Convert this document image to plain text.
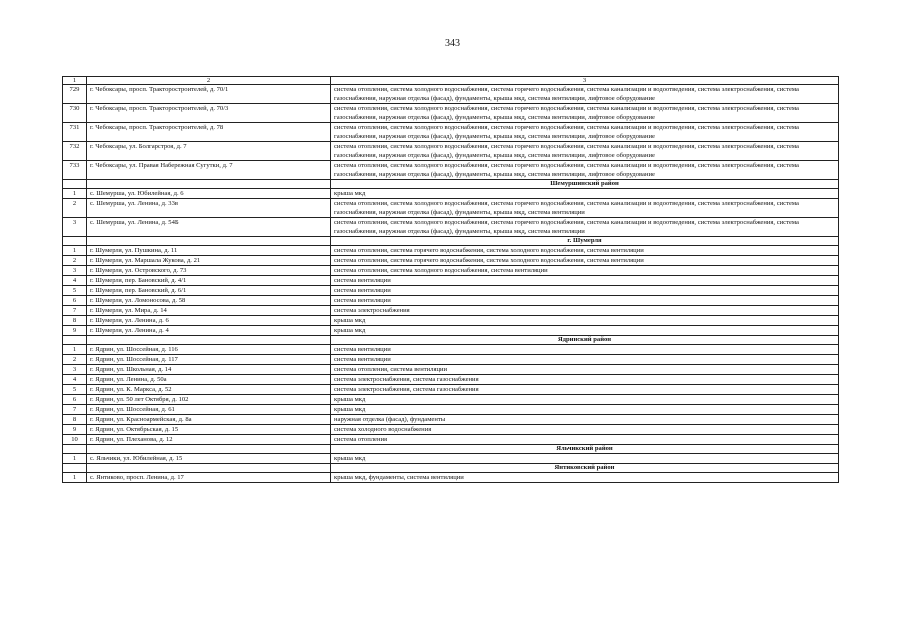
343
1	2	3
729	г. Чебоксары, просп. Тракторостроителей, д. 70/1	система отопления, система холодного водоснабжения, система горячего водоснабжения, система канализации и водоотведения, система электроснабжения, система газоснабжения, наружная отделка (фасад), фундаменты, крыша мкд, система вентиляции, лифтовое оборудование
730	г. Чебоксары, просп. Тракторостроителей, д. 70/3	система отопления, система холодного водоснабжения, система горячего водоснабжения, система канализации и водоотведения, система электроснабжения, система газоснабжения, наружная отделка (фасад), фундаменты, крыша мкд, система вентиляции, лифтовое оборудование
731	г. Чебоксары, просп. Тракторостроителей, д. 78	система отопления, система холодного водоснабжения, система горячего водоснабжения, система канализации и водоотведения, система электроснабжения, система газоснабжения, наружная отделка (фасад), фундаменты, крыша мкд, система вентиляции, лифтовое оборудование
732	г. Чебоксары, ул. Болгарстроя, д. 7	система отопления, система холодного водоснабжения, система горячего водоснабжения, система канализации и водоотведения, система электроснабжения, система газоснабжения, наружная отделка (фасад), фундаменты, крыша мкд, система вентиляции, лифтовое оборудование
733	г. Чебоксары, ул. Правая Набережная Сугутки, д. 7	система отопления, система холодного водоснабжения, система горячего водоснабжения, система канализации и водоотведения, система электроснабжения, система газоснабжения, наружная отделка (фасад), фундаменты, крыша мкд, система вентиляции, лифтовое оборудование
		Шемуршинский район
1	с. Шемурша, ул. Юбилейная, д. 6	крыша мкд
2	с. Шемурша, ул. Ленина, д. 33в	система отопления, система холодного водоснабжения, система горячего водоснабжения, система канализации и водоотведения, система электроснабжения, система газоснабжения, наружная отделка (фасад), фундаменты, крыша мкд, система вентиляции
3	с. Шемурша, ул. Ленина, д. 54Б	система отопления, система холодного водоснабжения, система горячего водоснабжения, система канализации и водоотведения, система электроснабжения, система газоснабжения, наружная отделка (фасад), фундаменты, крыша мкд, система вентиляции
		г. Шумерля
1	г. Шумерля, ул. Пушкина, д. 11	система отопления, система горячего водоснабжения, система холодного водоснабжения, система вентиляции
2	г. Шумерля, ул. Маршала Жукова, д. 21	система отопления, система горячего водоснабжения, система холодного водоснабжения, система вентиляции
3	г. Шумерля, ул. Островского, д. 73	система отопления, система холодного водоснабжения, система вентиляции
4	г. Шумерля, пер. Бановский, д. 4/1	система вентиляции
5	г. Шумерля, пер. Бановский, д. 6/1	система вентиляции
6	г. Шумерля, ул. Ломоносова, д. 58	система вентиляции
7	г. Шумерля, ул. Мира, д. 14	система электроснабжения
8	г. Шумерля, ул. Ленина, д. 6	крыша мкд
9	г. Шумерля, ул. Ленина, д. 4	крыша мкд
		Ядринский район
1	г. Ядрин, ул. Шоссейная, д. 116	система вентиляции
2	г. Ядрин, ул. Шоссейная, д. 117	система вентиляции
3	г. Ядрин, ул. Школьная, д. 14	система отопления, система вентиляции
4	г. Ядрин, ул. Ленина, д. 50а	система электроснабжения, система газоснабжения
5	г. Ядрин, ул. К. Маркса, д. 52	система электроснабжения, система газоснабжения
6	г. Ядрин, ул. 50 лет Октября, д. 102	крыша мкд
7	г. Ядрин, ул. Шоссейная, д. 61	крыша мкд
8	г. Ядрин, ул. Красноармейская, д. 8а	наружная отделка (фасад), фундаменты
9	г. Ядрин, ул. Октябрьская, д. 15	система холодного водоснабжения
10	г. Ядрин, ул. Плеханова, д. 12	система отопления
		Яльчикский район
1	с. Яльчики, ул. Юбилейная, д. 15	крыша мкд
		Янтиковский район
1	с. Янтиково, просп. Ленина, д. 17	крыша мкд, фундаменты, система вентиляции
